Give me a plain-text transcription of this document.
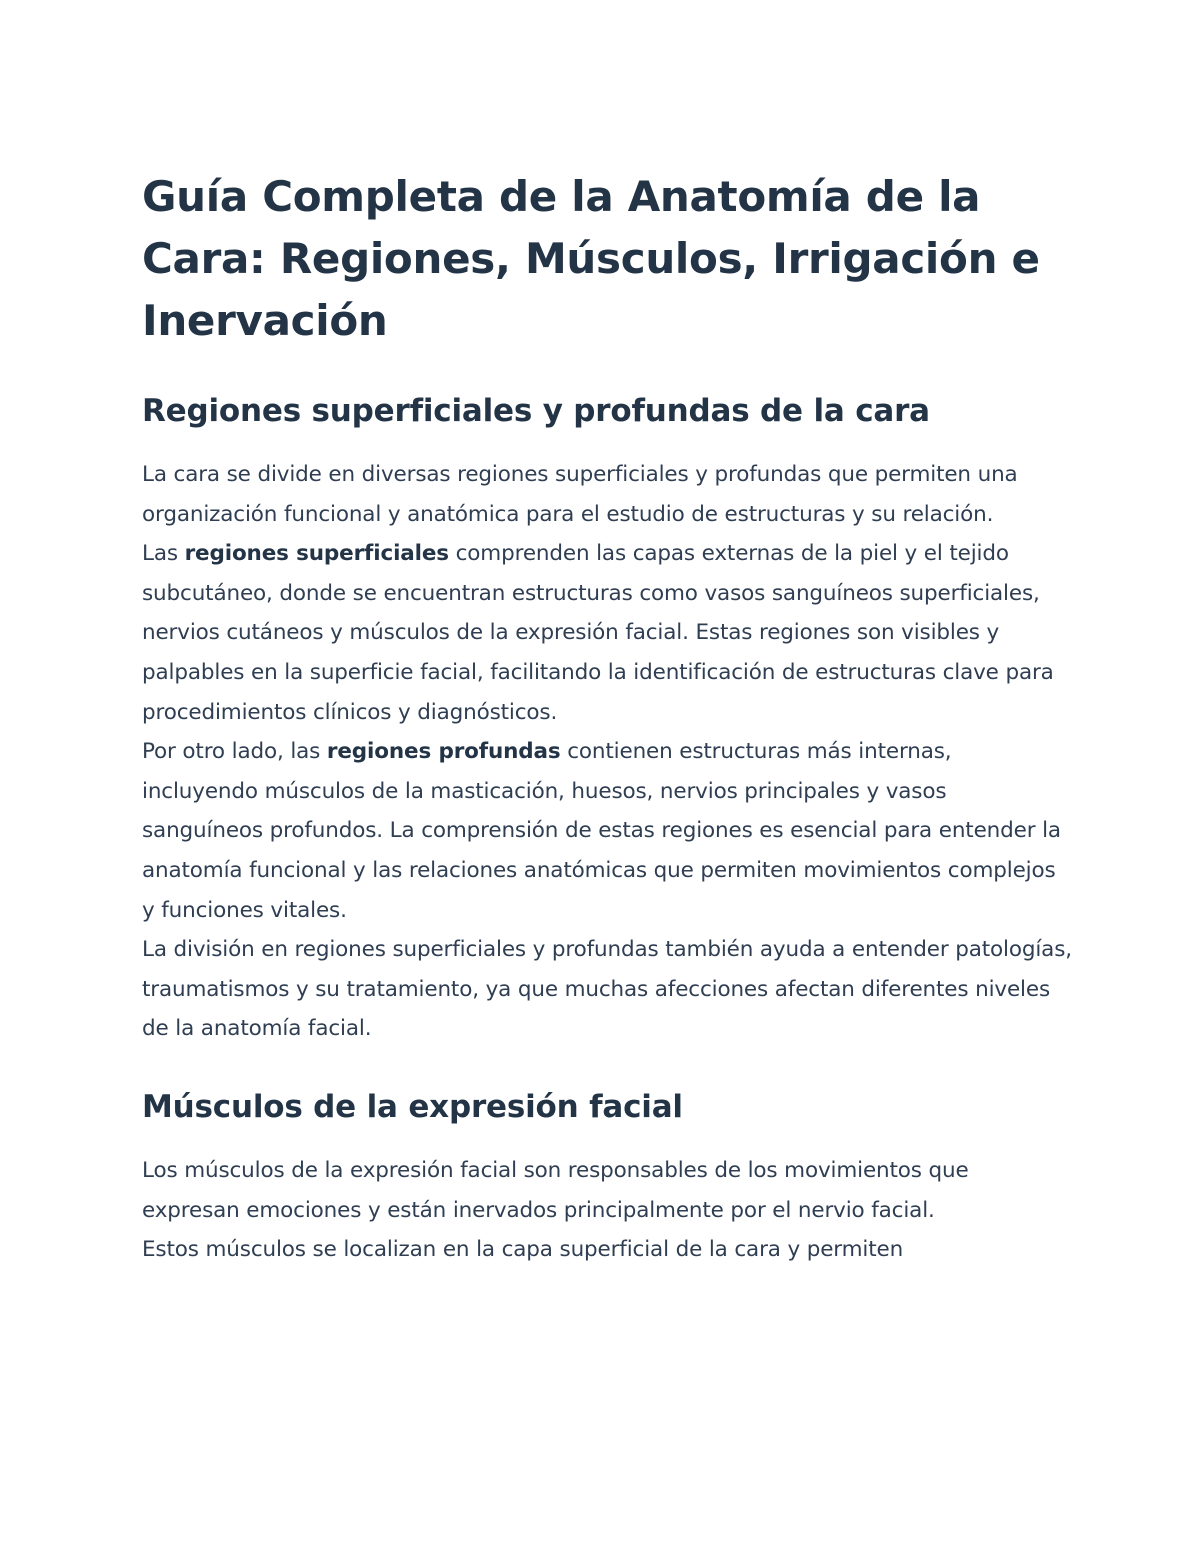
Guía Completa de la Anatomía de la Cara: Regiones, Músculos, Irrigación e Inervación
Regiones superficiales y profundas de la cara

La cara se divide en diversas regiones superficiales y profundas que permiten una organización funcional y anatómica para el estudio de estructuras y su relación.

Las regiones superficiales comprenden las capas externas de la piel y el tejido subcutáneo, donde se encuentran estructuras como vasos sanguíneos superficiales, nervios cutáneos y músculos de la expresión facial. Estas regiones son visibles y palpables en la superficie facial, facilitando la identificación de estructuras clave para procedimientos clínicos y diagnósticos.

Por otro lado, las regiones profundas contienen estructuras más internas, incluyendo músculos de la masticación, huesos, nervios principales y vasos sanguíneos profundos. La comprensión de estas regiones es esencial para entender la anatomía funcional y las relaciones anatómicas que permiten movimientos complejos y funciones vitales.

La división en regiones superficiales y profundas también ayuda a entender patologías, traumatismos y su tratamiento, ya que muchas afecciones afectan diferentes niveles de la anatomía facial.

Músculos de la expresión facial

Los músculos de la expresión facial son responsables de los movimientos que expresan emociones y están inervados principalmente por el nervio facial.

Estos músculos se localizan en la capa superficial de la cara y permiten
